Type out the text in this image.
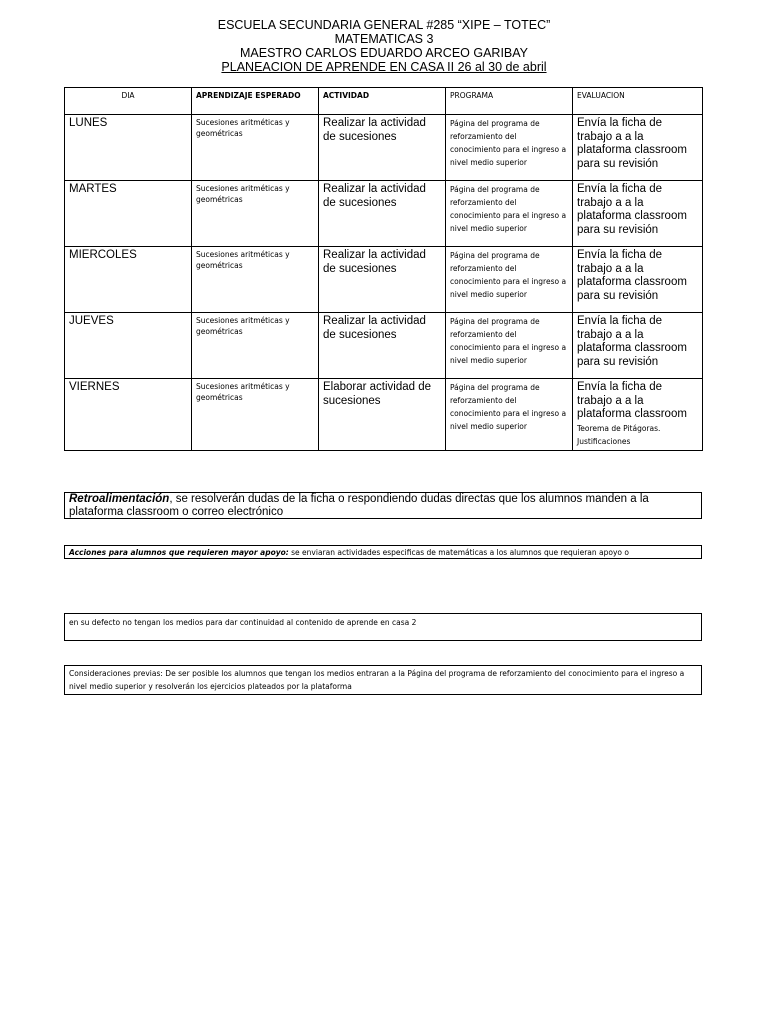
ESCUELA SECUNDARIA GENERAL #285 “XIPE – TOTEC”
MATEMATICAS 3
MAESTRO CARLOS EDUARDO ARCEO GARIBAY
PLANEACION DE APRENDE EN CASA II 26 al 30 de abril
DIA	APRENDIZAJE ESPERADO	ACTIVIDAD	PROGRAMA	EVALUACION
LUNES	Sucesiones aritméticas y geométricas	Realizar la actividad de sucesiones	Página del programa de reforzamiento del conocimiento para el ingreso a nivel medio superior	Envía la ficha de trabajo a a la plataforma classroom para su revisión

MARTES	Sucesiones aritméticas y geométricas	Realizar la actividad de sucesiones	Página del programa de reforzamiento del conocimiento para el ingreso a nivel medio superior	Envía la ficha de trabajo a a la plataforma classroom para su revisión

MIERCOLES	Sucesiones aritméticas y geométricas	Realizar la actividad de sucesiones	Página del programa de reforzamiento del conocimiento para el ingreso a nivel medio superior	Envía la ficha de trabajo a a la plataforma classroom para su revisión

JUEVES	Sucesiones aritméticas y geométricas	Realizar la actividad de sucesiones	Página del programa de reforzamiento del conocimiento para el ingreso a nivel medio superior	Envía la ficha de trabajo a a la plataforma classroom para su revisión

VIERNES	Sucesiones aritméticas y geométricas	Elaborar actividad de sucesiones	Página del programa de reforzamiento del conocimiento para el ingreso a nivel medio superior	Envía la ficha de trabajo a a la plataforma classroom
Teorema de Pitágoras. Justificaciones
Retroalimentación, se resolverán dudas de la ficha o respondiendo dudas directas que los alumnos manden a la plataforma classroom o correo electrónico
Acciones para alumnos que requieren mayor apoyo: se enviaran actividades especificas de matemáticas a los alumnos que requieran apoyo o
en su defecto no tengan los medios para dar continuidad al contenido de aprende en casa 2
Consideraciones previas: De ser posible los alumnos que tengan los medios entraran a la Página del programa de reforzamiento del conocimiento para el ingreso a nivel medio superior y resolverán los ejercicios plateados por la plataforma
